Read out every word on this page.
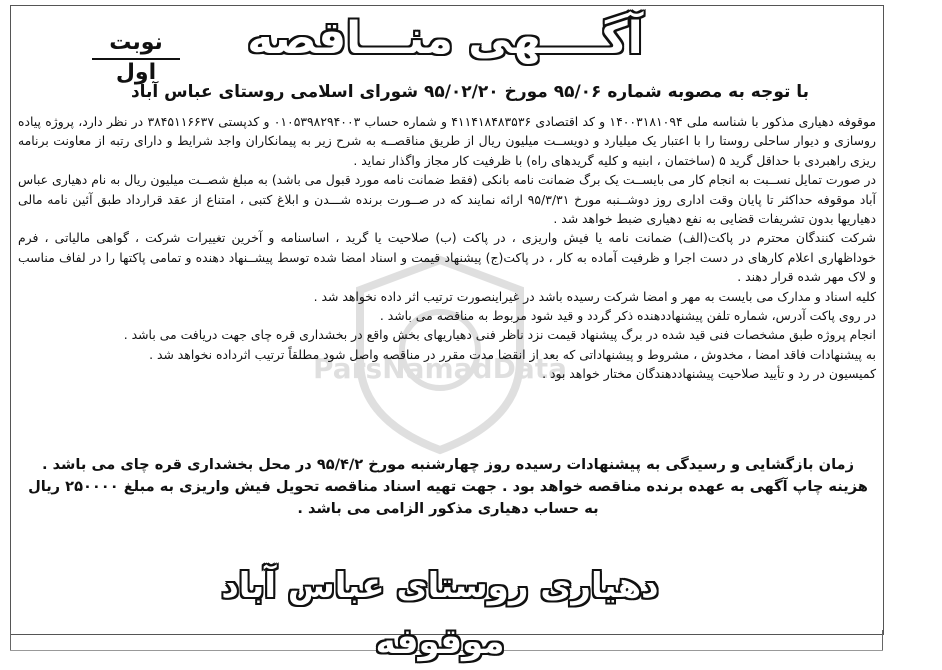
نوبت اول
آگــــهی منـــاقصه
با توجه به مصوبه شماره ۹۵/۰۶ مورخ ۹۵/۰۲/۲۰ شورای اسلامی روستای عباس آباد

موقوفه دهیاری مذکور با شناسه ملی ۱۴۰۰۳۱۸۱۰۹۴ و کد اقتصادی ۴۱۱۴۱۸۴۸۳۵۳۶ و شماره حساب ۰۱۰۵۳۹۸۲۹۴۰۰۳ و کدپستی ۳۸۴۵۱۱۶۶۳۷ در نظر دارد، پروژه پیاده روسازی و دیوار ساحلی روستا را با اعتبار یک میلیارد و دویســت میلیون ریال از طریق مناقصــه به شرح زیر به پیمانکاران واجد شرایط و دارای رتبه از معاونت برنامه ریزی راهبردی با حداقل گرید ۵ (ساختمان ، ابنیه و کلیه گریدهای راه) با ظرفیت کار مجاز واگذار نماید .

در صورت تمایل نســبت به انجام کار می بایســت یک برگ ضمانت نامه بانکی (فقط ضمانت نامه مورد قبول می باشد) به مبلغ شصــت میلیون ریال به نام دهیاری عباس آباد موقوفه حداکثر تا پایان وقت اداری روز دوشــنبه مورخ ۹۵/۳/۳۱ ارائه نمایند که در صــورت برنده شـــدن و ابلاغ کتبی ، امتناع از عقد قرارداد طبق آئین نامه مالی دهیاریها بدون تشریفات قضایی به نفع دهیاری ضبط خواهد شد .

شرکت کنندگان محترم در پاکت(الف) ضمانت نامه یا فیش واریزی ، در پاکت (ب) صلاحیت یا گرید ، اساسنامه و آخرین تغییرات شرکت ، گواهی مالیاتی ، فرم خوداظهاری اعلام کارهای در دست اجرا و ظرفیت آماده به کار ، در پاکت(ج) پیشنهاد قیمت و اسناد امضا شده توسط پیشــنهاد دهنده و تمامی پاکتها را در لفاف مناسب و لاک مهر شده قرار دهند .

کلیه اسناد و مدارک می بایست به مهر و امضا شرکت رسیده باشد در غیراینصورت ترتیب اثر داده نخواهد شد .

در روی پاکت آدرس، شماره تلفن پیشنهاددهنده ذکر گردد و قید شود مربوط به مناقصه می باشد .

انجام پروژه طبق مشخصات فنی قید شده در برگ پیشنهاد قیمت نزد ناظر فنی دهیاریهای بخش واقع در بخشداری قره چای جهت دریافت می باشد .

به پیشنهادات فاقد امضا ، مخدوش ، مشروط و پیشنهاداتی که بعد از انقضا مدت مقرر در مناقصه واصل شود مطلقاً ترتیب اثرداده نخواهد شد .

کمیسیون در رد و تأیید صلاحیت پیشنهاددهندگان مختار خواهد بود .

زمان بازگشایی و رسیدگی به پیشنهادات رسیده روز چهارشنبه مورخ ۹۵/۴/۲ در محل بخشداری قره چای می باشد . هزینه چاپ آگهی به عهده برنده مناقصه خواهد بود . جهت تهیه اسناد مناقصه تحویل فیش واریزی به مبلغ ۲۵۰۰۰۰ ریال به حساب دهیاری مذکور الزامی می باشد .
دهیاری روستای عباس آباد موقوفه
